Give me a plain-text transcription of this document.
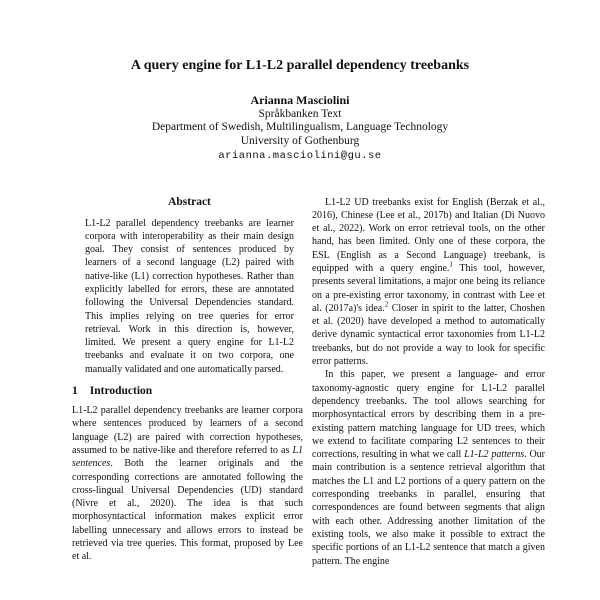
A query engine for L1-L2 parallel dependency treebanks
Arianna Masciolini
Språkbanken Text
Department of Swedish, Multilingualism, Language Technology
University of Gothenburg
arianna.masciolini@gu.se
Abstract

L1-L2 parallel dependency treebanks are learner corpora with interoperability as their main design goal. They consist of sentences produced by learners of a second language (L2) paired with native-like (L1) correction hypotheses. Rather than explicitly labelled for errors, these are annotated following the Universal Dependencies standard. This implies relying on tree queries for error retrieval. Work in this direction is, however, limited. We present a query engine for L1-L2 treebanks and evaluate it on two corpora, one manually validated and one automatically parsed.

1 Introduction

L1-L2 parallel dependency treebanks are learner corpora where sentences produced by learners of a second language (L2) are paired with correction hypotheses, assumed to be native-like and therefore referred to as L1 sentences. Both the learner originals and the corresponding corrections are annotated following the cross-lingual Universal Dependencies (UD) standard (Nivre et al., 2020). The idea is that such morphosyntactical information makes explicit error labelling unnecessary and allows errors to instead be retrieved via tree queries. This format, proposed by Lee et al.

L1-L2 UD treebanks exist for English (Berzak et al., 2016), Chinese (Lee et al., 2017b) and Italian (Di Nuovo et al., 2022). Work on error retrieval tools, on the other hand, has been limited. Only one of these corpora, the ESL (English as a Second Language) treebank, is equipped with a query engine.$^1$ This tool, however, presents several limitations, a major one being its reliance on a pre-existing error taxonomy, in contrast with Lee et al. (2017a)'s idea.$^2$ Closer in spirit to the latter, Choshen et al. (2020) have developed a method to automatically derive dynamic syntactical error taxonomies from L1-L2 treebanks, but do not provide a way to look for specific error patterns.

In this paper, we present a language- and error taxonomy-agnostic query engine for L1-L2 parallel dependency treebanks. The tool allows searching for morphosyntactical errors by describing them in a pre-existing pattern matching language for UD trees, which we extend to facilitate comparing L2 sentences to their corrections, resulting in what we call L1-L2 patterns. Our main contribution is a sentence retrieval algorithm that matches the L1 and L2 portions of a query pattern on the corresponding treebanks in parallel, ensuring that correspondences are found between segments that align with each other. Addressing another limitation of the existing tools, we also make it possible to extract the specific portions of an L1-L2 sentence that match a given pattern. The engine
